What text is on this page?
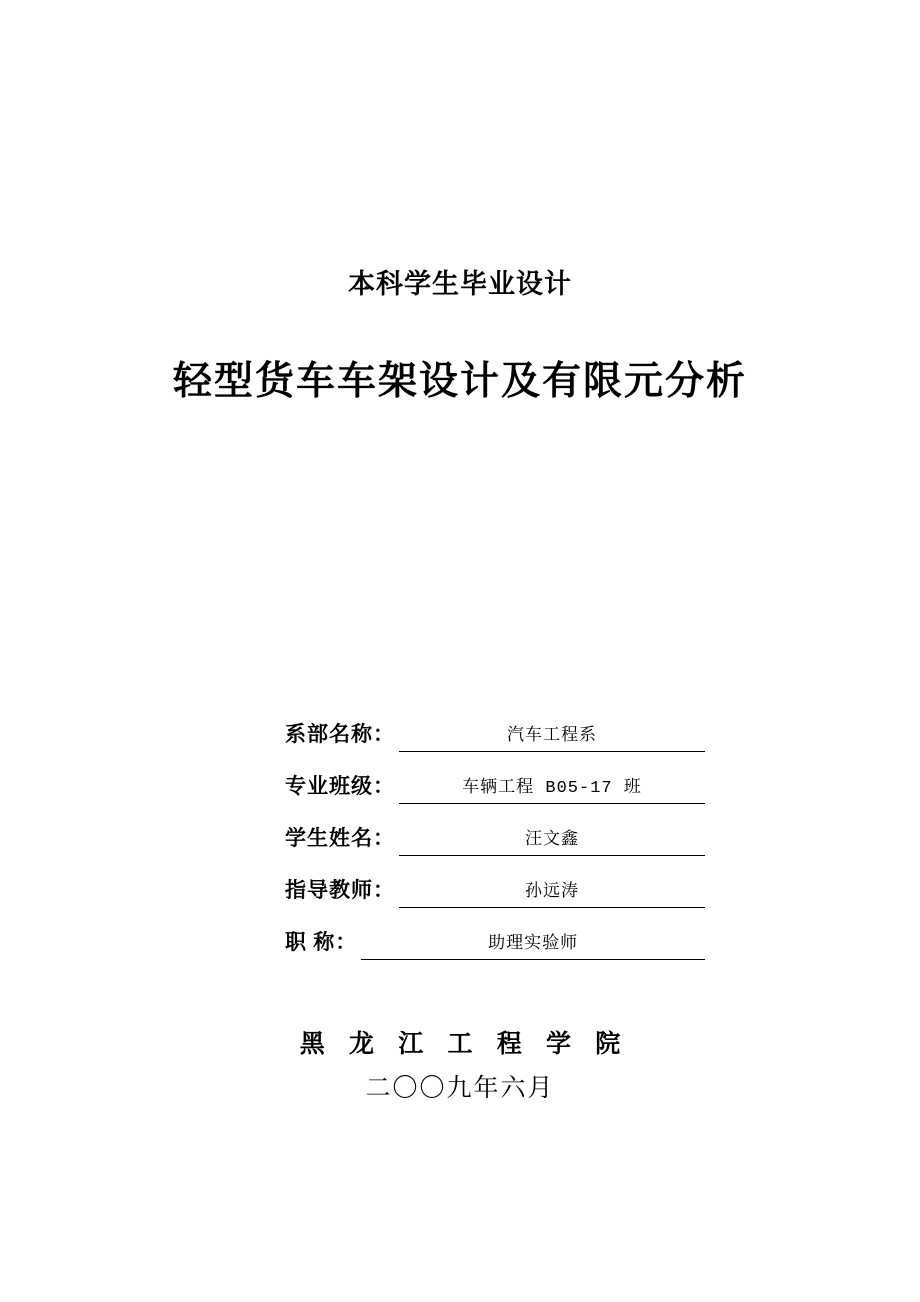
本科学生毕业设计
轻型货车车架设计及有限元分析
系部名称：	汽车工程系
专业班级：	车辆工程 B05-17 班
学生姓名：	汪文鑫
指导教师：	孙远涛
职 称：	助理实验师
黑 龙 江 工 程 学 院
二〇〇九年六月
